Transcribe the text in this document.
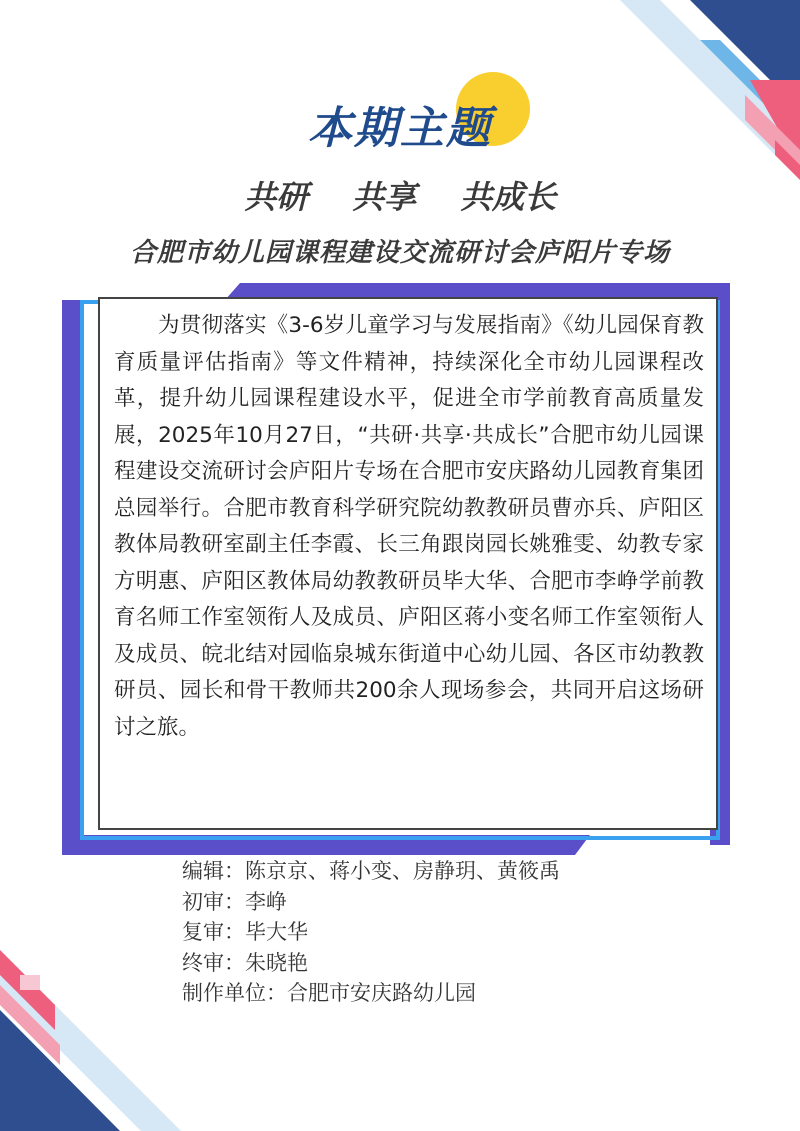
本期主题
共研 共享 共成长
合肥市幼儿园课程建设交流研讨会庐阳片专场
为贯彻落实《3-6岁儿童学习与发展指南》《幼儿园保育教育质量评估指南》等文件精神，持续深化全市幼儿园课程改革，提升幼儿园课程建设水平，促进全市学前教育高质量发展，2025年10月27日，“共研·共享·共成长”合肥市幼儿园课程建设交流研讨会庐阳片专场在合肥市安庆路幼儿园教育集团总园举行。合肥市教育科学研究院幼教教研员曹亦兵、庐阳区教体局教研室副主任李霞、长三角跟岗园长姚雅雯、幼教专家方明惠、庐阳区教体局幼教教研员毕大华、合肥市李峥学前教育名师工作室领衔人及成员、庐阳区蒋小变名师工作室领衔人及成员、皖北结对园临泉城东街道中心幼儿园、各区市幼教教研员、园长和骨干教师共200余人现场参会，共同开启这场研讨之旅。
编辑：陈京京、蒋小变、房静玥、黄筱禹
初审：李峥
复审：毕大华
终审：朱晓艳
制作单位：合肥市安庆路幼儿园
